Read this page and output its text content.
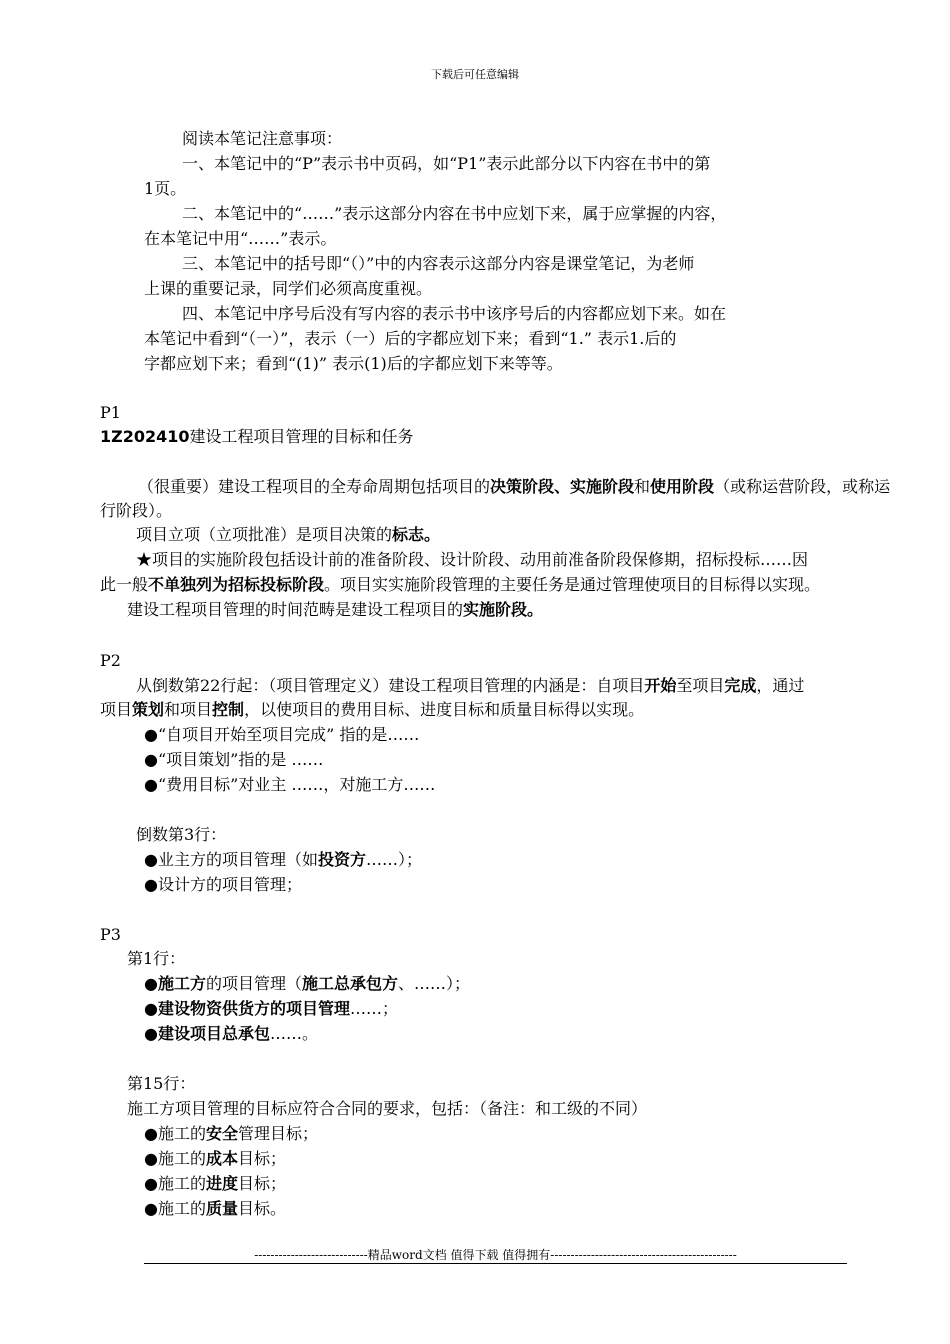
下载后可任意编辑
阅读本笔记注意事项：
一、本笔记中的“P”表示书中页码，如“P1”表示此部分以下内容在书中的第
1页。
二、本笔记中的“……”表示这部分内容在书中应划下来，属于应掌握的内容，
在本笔记中用“……”表示。
三、本笔记中的括号即“（）”中的内容表示这部分内容是课堂笔记，为老师
上课的重要记录，同学们必须高度重视。
四、本笔记中序号后没有写内容的表示书中该序号后的内容都应划下来。如在
本笔记中看到“（一）”，表示（一）后的字都应划下来；看到“1.” 表示1.后的
字都应划下来；看到“(1)” 表示(1)后的字都应划下来等等。
P1
1Z202410建设工程项目管理的目标和任务
（很重要）建设工程项目的全寿命周期包括项目的决策阶段、实施阶段和使用阶段（或称运营阶段，或称运
行阶段）。
项目立项（立项批准）是项目决策的标志。
★项目的实施阶段包括设计前的准备阶段、设计阶段、动用前准备阶段保修期，招标投标……因
此一般不单独列为招标投标阶段。项目实实施阶段管理的主要任务是通过管理使项目的目标得以实现。
建设工程项目管理的时间范畴是建设工程项目的实施阶段。
P2
从倒数第22行起：（项目管理定义）建设工程项目管理的内涵是：自项目开始至项目完成，通过
项目策划和项目控制，以使项目的费用目标、进度目标和质量目标得以实现。
●“自项目开始至项目完成” 指的是……
●“项目策划”指的是 ……
●“费用目标”对业主 ……，对施工方……
倒数第3行：
●业主方的项目管理（如投资方……）；
●设计方的项目管理；
P3
第1行：
●施工方的项目管理（施工总承包方、……）；
●建设物资供货方的项目管理……；
●建设项目总承包……。
第15行：
施工方项目管理的目标应符合合同的要求，包括：（备注：和工级的不同）
●施工的安全管理目标；
●施工的成本目标；
●施工的进度目标；
●施工的质量目标。
----------------------------精品word文档 值得下载 值得拥有----------------------------------------------
